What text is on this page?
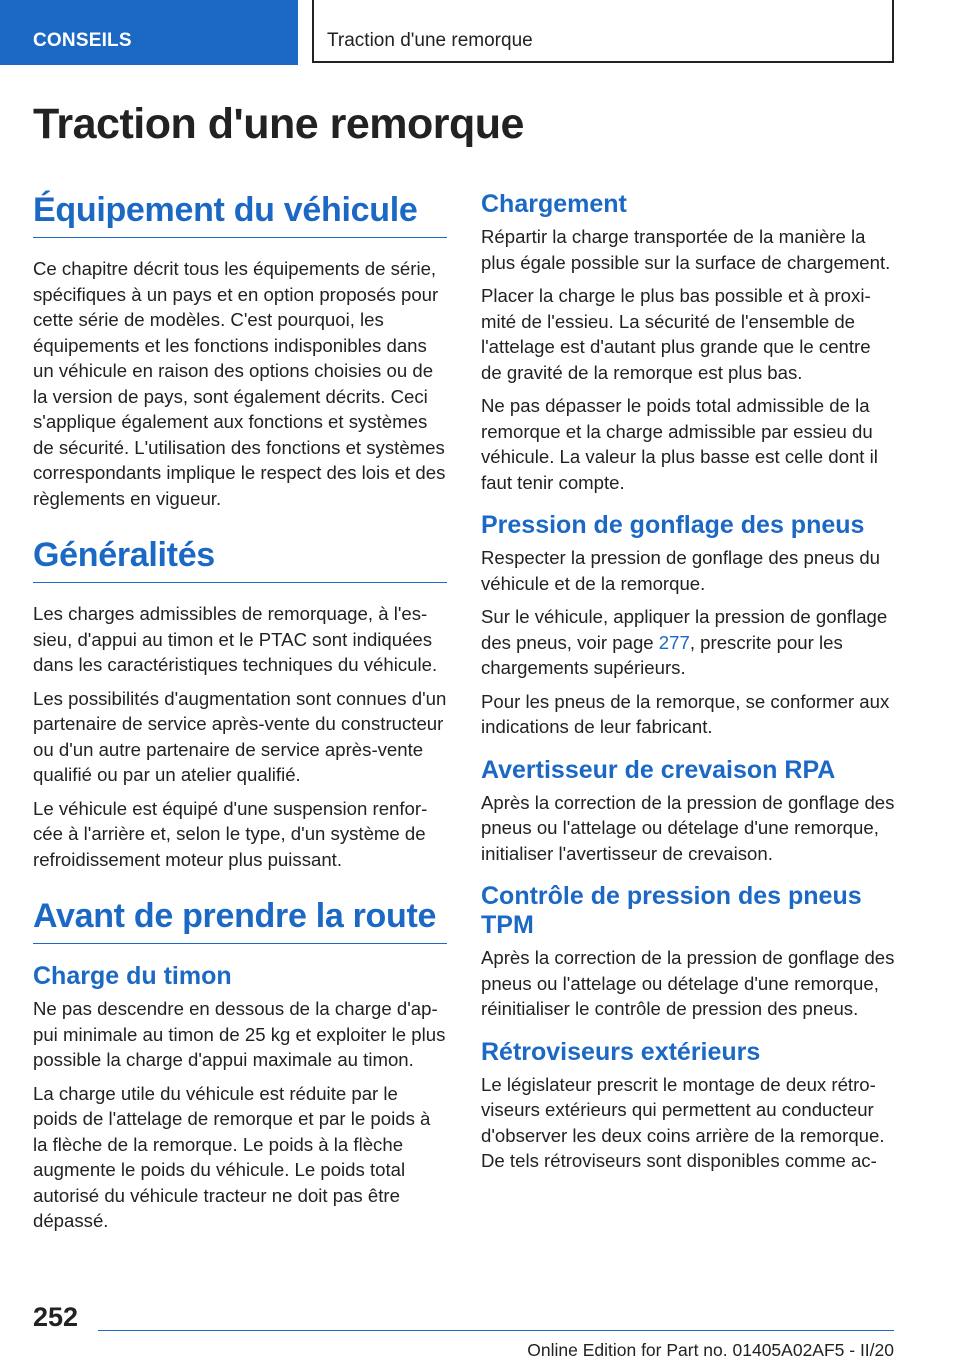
CONSEILS	Traction d'une remorque
Traction d'une remorque
Équipement du véhicule

Ce chapitre décrit tous les équipements de série, spécifiques à un pays et en option proposés pour cette série de modèles. C'est pourquoi, les équipements et les fonctions indisponibles dans un véhicule en raison des options choisies ou de la version de pays, sont également décrits. Ceci s'applique également aux fonctions et systèmes de sécurité. L'utilisation des fonctions et systèmes correspondants implique le respect des lois et des règlements en vigueur.

Généralités

Les charges admissibles de remorquage, à l'essieu, d'appui au timon et le PTAC sont indiquées dans les caractéristiques techniques du véhicule.

Les possibilités d'augmentation sont connues d'un partenaire de service après-vente du constructeur ou d'un autre partenaire de service après-vente qualifié ou par un atelier qualifié.

Le véhicule est équipé d'une suspension renforcée à l'arrière et, selon le type, d'un système de refroidissement moteur plus puissant.

Avant de prendre la route
Charge du timon

Ne pas descendre en dessous de la charge d'appui minimale au timon de 25 kg et exploiter le plus possible la charge d'appui maximale au timon.

La charge utile du véhicule est réduite par le poids de l'attelage de remorque et par le poids à la flèche de la remorque. Le poids à la flèche augmente le poids du véhicule. Le poids total autorisé du véhicule tracteur ne doit pas être dépassé.

Chargement

Répartir la charge transportée de la manière la plus égale possible sur la surface de chargement.

Placer la charge le plus bas possible et à proximité de l'essieu. La sécurité de l'ensemble de l'attelage est d'autant plus grande que le centre de gravité de la remorque est plus bas.

Ne pas dépasser le poids total admissible de la remorque et la charge admissible par essieu du véhicule. La valeur la plus basse est celle dont il faut tenir compte.

Pression de gonflage des pneus

Respecter la pression de gonflage des pneus du véhicule et de la remorque.

Sur le véhicule, appliquer la pression de gonflage des pneus, voir page 277, prescrite pour les chargements supérieurs.

Pour les pneus de la remorque, se conformer aux indications de leur fabricant.

Avertisseur de crevaison RPA

Après la correction de la pression de gonflage des pneus ou l'attelage ou dételage d'une remorque, initialiser l'avertisseur de crevaison.

Contrôle de pression des pneus TPM

Après la correction de la pression de gonflage des pneus ou l'attelage ou dételage d'une remorque, réinitialiser le contrôle de pression des pneus.

Rétroviseurs extérieurs

Le législateur prescrit le montage de deux rétroviseurs extérieurs qui permettent au conducteur d'observer les deux coins arrière de la remorque. De tels rétroviseurs sont disponibles comme ac-

252
Online Edition for Part no. 01405A02AF5 - II/20
